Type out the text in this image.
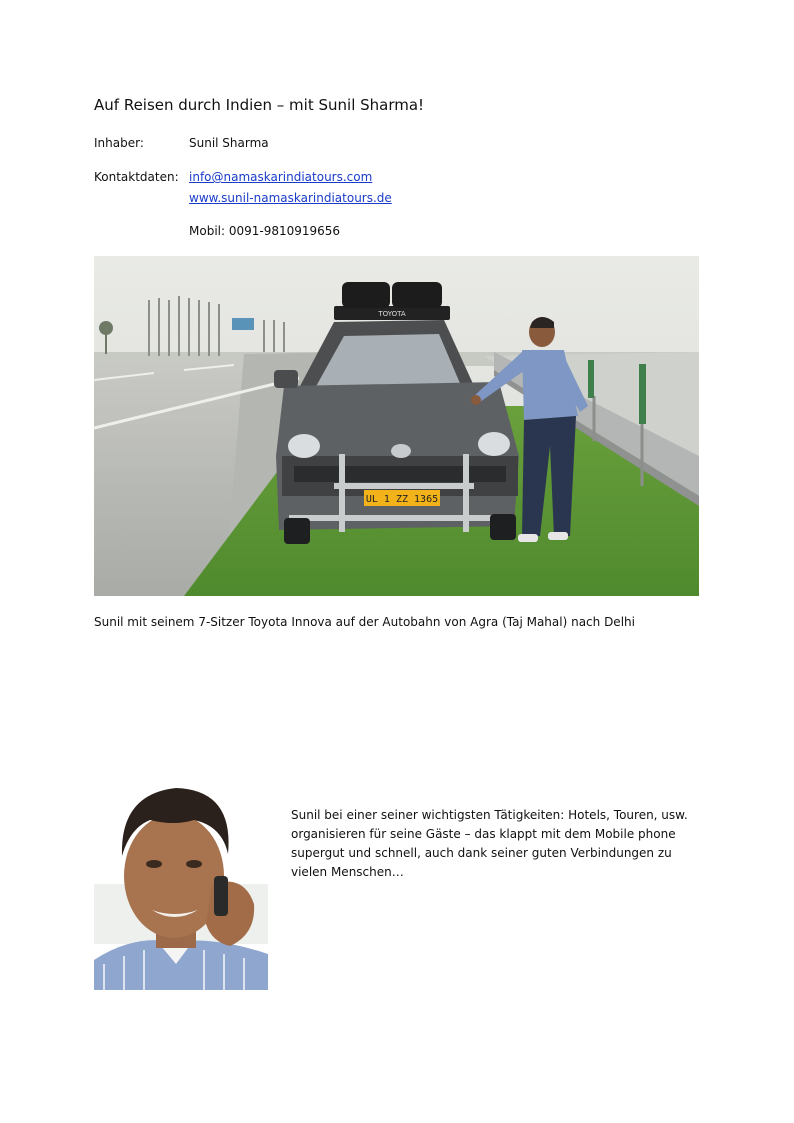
Auf Reisen durch Indien – mit Sunil Sharma!
Inhaber:	Sunil Sharma
Kontaktdaten: info@namaskarindiatours.com
www.sunil-namaskarindiatours.de
Mobil: 0091-9810919656
UL 1 ZZ 1365
TOYOTA
Sunil mit seinem 7-Sitzer Toyota Innova auf der Autobahn von Agra (Taj Mahal) nach Delhi
Sunil bei einer seiner wichtigsten Tätigkeiten: Hotels, Touren, usw. organisieren für seine Gäste – das klappt mit dem Mobile phone supergut und schnell, auch dank seiner guten Verbindungen zu vielen Menschen…
